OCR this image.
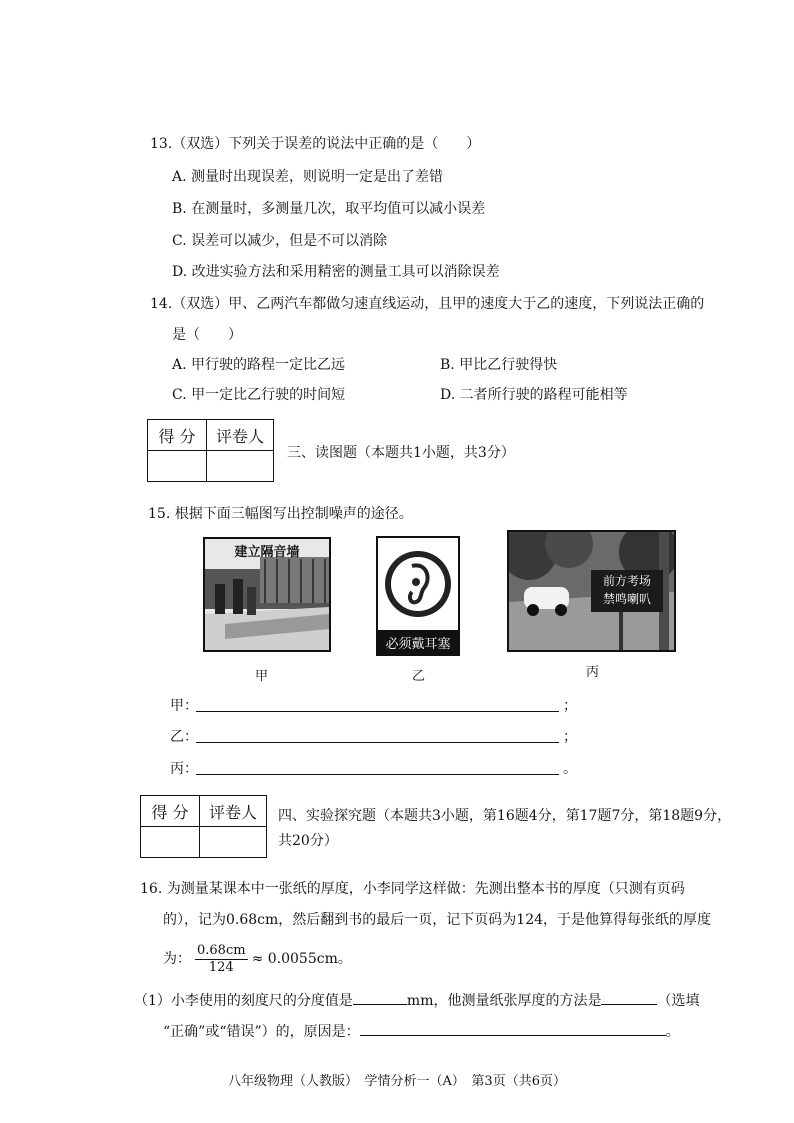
13.（双选）下列关于误差的说法中正确的是（　　）
A. 测量时出现误差，则说明一定是出了差错
B. 在测量时，多测量几次，取平均值可以减小误差
C. 误差可以减少，但是不可以消除
D. 改进实验方法和采用精密的测量工具可以消除误差
14.（双选）甲、乙两汽车都做匀速直线运动，且甲的速度大于乙的速度，下列说法正确的
是（　　）
A. 甲行驶的路程一定比乙远	B. 甲比乙行驶得快
C. 甲一定比乙行驶的时间短	D. 二者所行驶的路程可能相等
得 分	评卷人

三、读图题（本题共1小题，共3分）
15. 根据下面三幅图写出控制噪声的途径。
建立隔音墙
必须戴耳塞
前方考场
禁鸣喇叭
甲	乙	丙
甲：	；
乙：	；
丙：	。
得 分	评卷人
	四、实验探究题（本题共3小题，第16题4分，第17题7分，第18题9分，
共20分）
16. 为测量某课本中一张纸的厚度，小李同学这样做：先测出整本书的厚度（只测有页码
的），记为0.68cm，然后翻到书的最后一页，记下页码为124，于是他算得每张纸的厚度
为： $\frac{0.68cm}{124} \approx 0.0055cm$。
（1）小李使用的刻度尺的分度值是	mm，他测量纸张厚度的方法是	（选填
“正确”或“错误”）的，原因是：	。
八年级物理（人教版）　学情分析一（A）　第3页（共6页）
